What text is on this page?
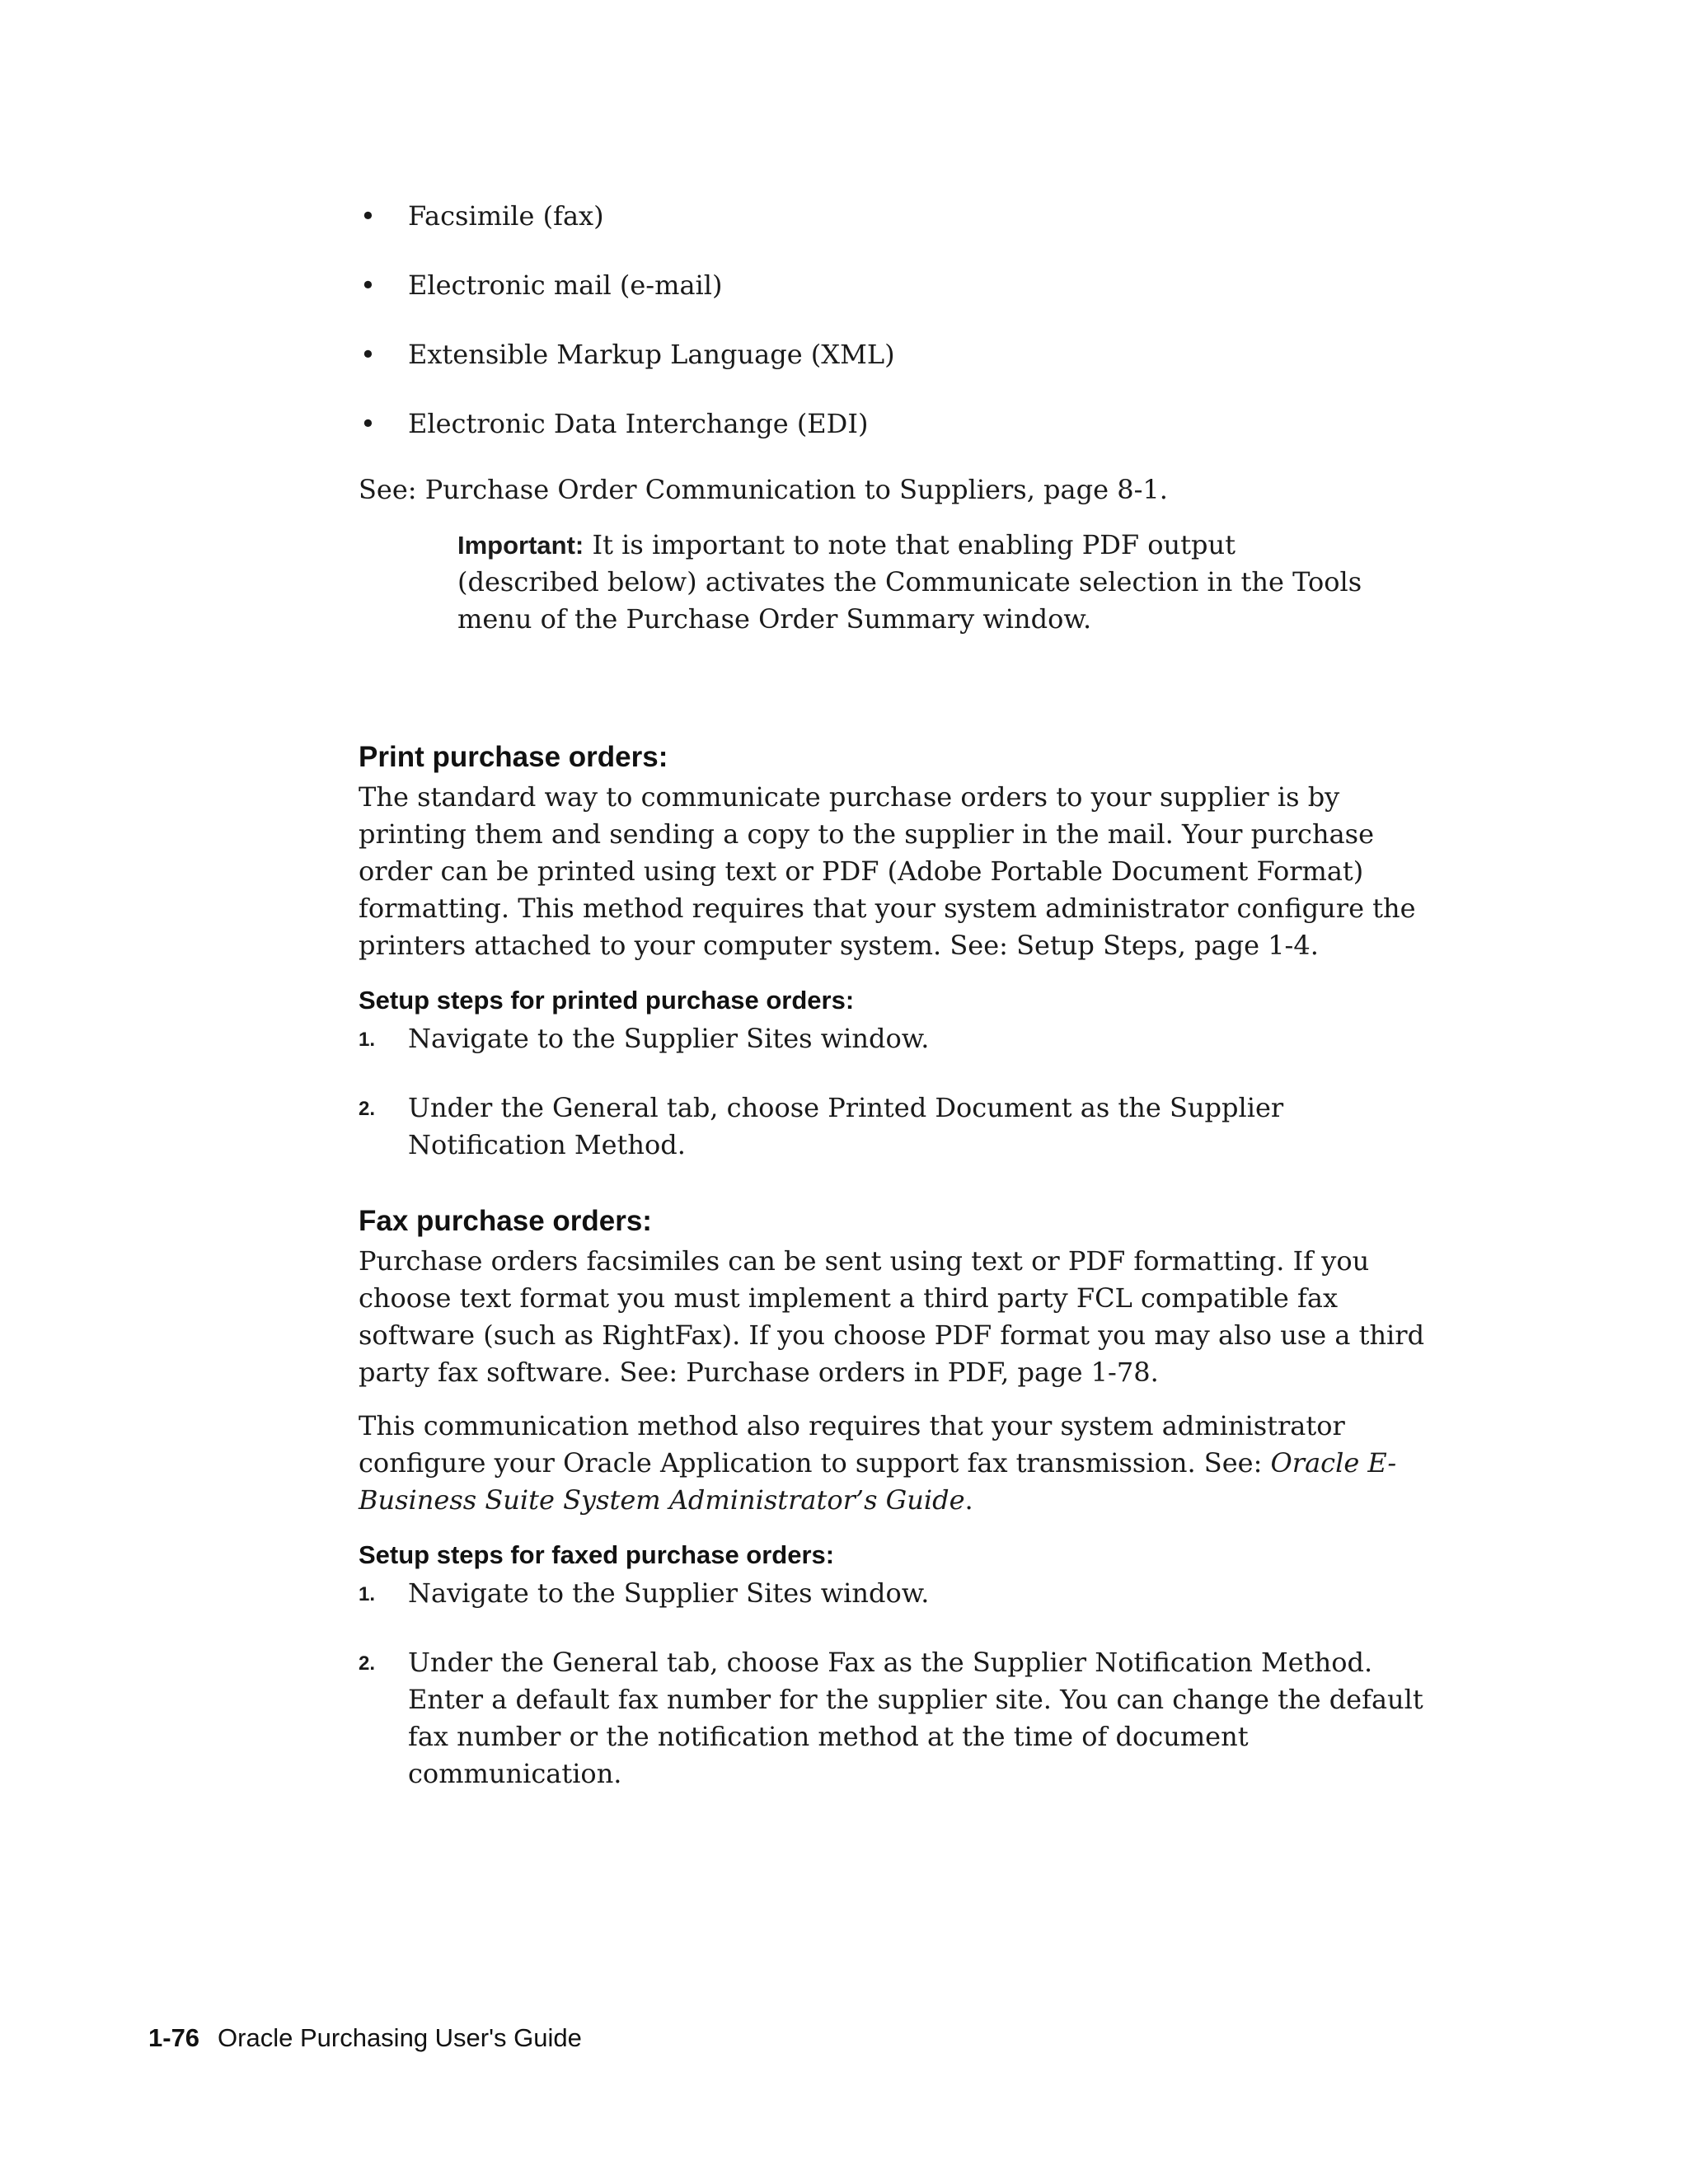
• Facsimile (fax)
• Electronic mail (e-mail)
• Extensible Markup Language (XML)
• Electronic Data Interchange (EDI)

See: Purchase Order Communication to Suppliers, page 8-1.

Important: It is important to note that enabling PDF output (described below) activates the Communicate selection in the Tools menu of the Purchase Order Summary window.

Print purchase orders:

The standard way to communicate purchase orders to your supplier is by printing them and sending a copy to the supplier in the mail. Your purchase order can be printed using text or PDF (Adobe Portable Document Format) formatting. This method requires that your system administrator configure the printers attached to your computer system. See: Setup Steps, page 1-4.

Setup steps for printed purchase orders:
1. Navigate to the Supplier Sites window.
2. Under the General tab, choose Printed Document as the Supplier Notification Method.
Fax purchase orders:

Purchase orders facsimiles can be sent using text or PDF formatting. If you choose text format you must implement a third party FCL compatible fax software (such as RightFax). If you choose PDF format you may also use a third party fax software. See: Purchase orders in PDF, page 1-78.

This communication method also requires that your system administrator configure your Oracle Application to support fax transmission. See: Oracle E-Business Suite System Administrator’s Guide.

Setup steps for faxed purchase orders:
1. Navigate to the Supplier Sites window.
2. Under the General tab, choose Fax as the Supplier Notification Method. Enter a default fax number for the supplier site. You can change the default fax number or the notification method at the time of document communication.
1-76 Oracle Purchasing User's Guide
